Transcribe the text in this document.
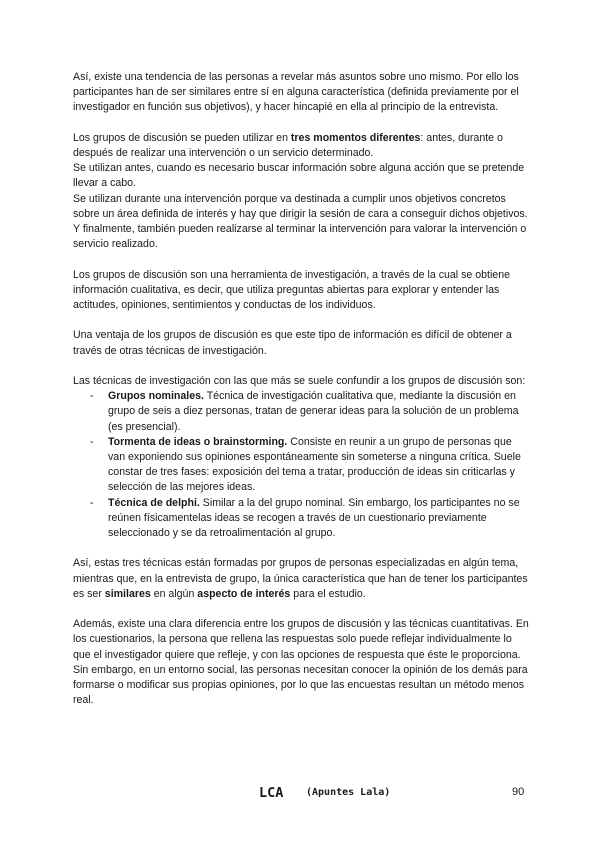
Así, existe una tendencia de las personas a revelar más asuntos sobre uno mismo. Por ello los participantes han de ser similares entre sí en alguna característica (definida previamente por el investigador en función sus objetivos), y hacer hincapié en ella al principio de la entrevista.

Los grupos de discusión se pueden utilizar en tres momentos diferentes: antes, durante o después de realizar una intervención o un servicio determinado.

Se utilizan antes, cuando es necesario buscar información sobre alguna acción que se pretende llevar a cabo.

Se utilizan durante una intervención porque va destinada a cumplir unos objetivos concretos sobre un área definida de interés y hay que dirigir la sesión de cara a conseguir dichos objetivos.

Y finalmente, también pueden realizarse al terminar la intervención para valorar la intervención o servicio realizado.

Los grupos de discusión son una herramienta de investigación, a través de la cual se obtiene información cualitativa, es decir, que utiliza preguntas abiertas para explorar y entender las actitudes, opiniones, sentimientos y conductas de los individuos.

Una ventaja de los grupos de discusión es que este tipo de información es difícil de obtener a través de otras técnicas de investigación.

Las técnicas de investigación con las que más se suele confundir a los grupos de discusión son:

- Grupos nominales. Técnica de investigación cualitativa que, mediante la discusión en grupo de seis a diez personas, tratan de generar ideas para la solución de un problema (es presencial).
- Tormenta de ideas o brainstorming. Consiste en reunir a un grupo de personas que van exponiendo sus opiniones espontáneamente sin someterse a ninguna crítica. Suele constar de tres fases: exposición del tema a tratar, producción de ideas sin criticarlas y selección de las mejores ideas.
- Técnica de delphi. Similar a la del grupo nominal. Sin embargo, los participantes no se reúnen físicamentelas ideas se recogen a través de un cuestionario previamente seleccionado y se da retroalimentación al grupo.

Así, estas tres técnicas están formadas por grupos de personas especializadas en algún tema, mientras que, en la entrevista de grupo, la única característica que han de tener los participantes es ser similares en algún aspecto de interés para el estudio.

Además, existe una clara diferencia entre los grupos de discusión y las técnicas cuantitativas. En los cuestionarios, la persona que rellena las respuestas solo puede reflejar individualmente lo que el investigador quiere que refleje, y con las opciones de respuesta que éste le proporciona. Sin embargo, en un entorno social, las personas necesitan conocer la opinión de los demás para formarse o modificar sus propias opiniones, por lo que las encuestas resultan un método menos real.

LCA (Apuntes Lala)	90
